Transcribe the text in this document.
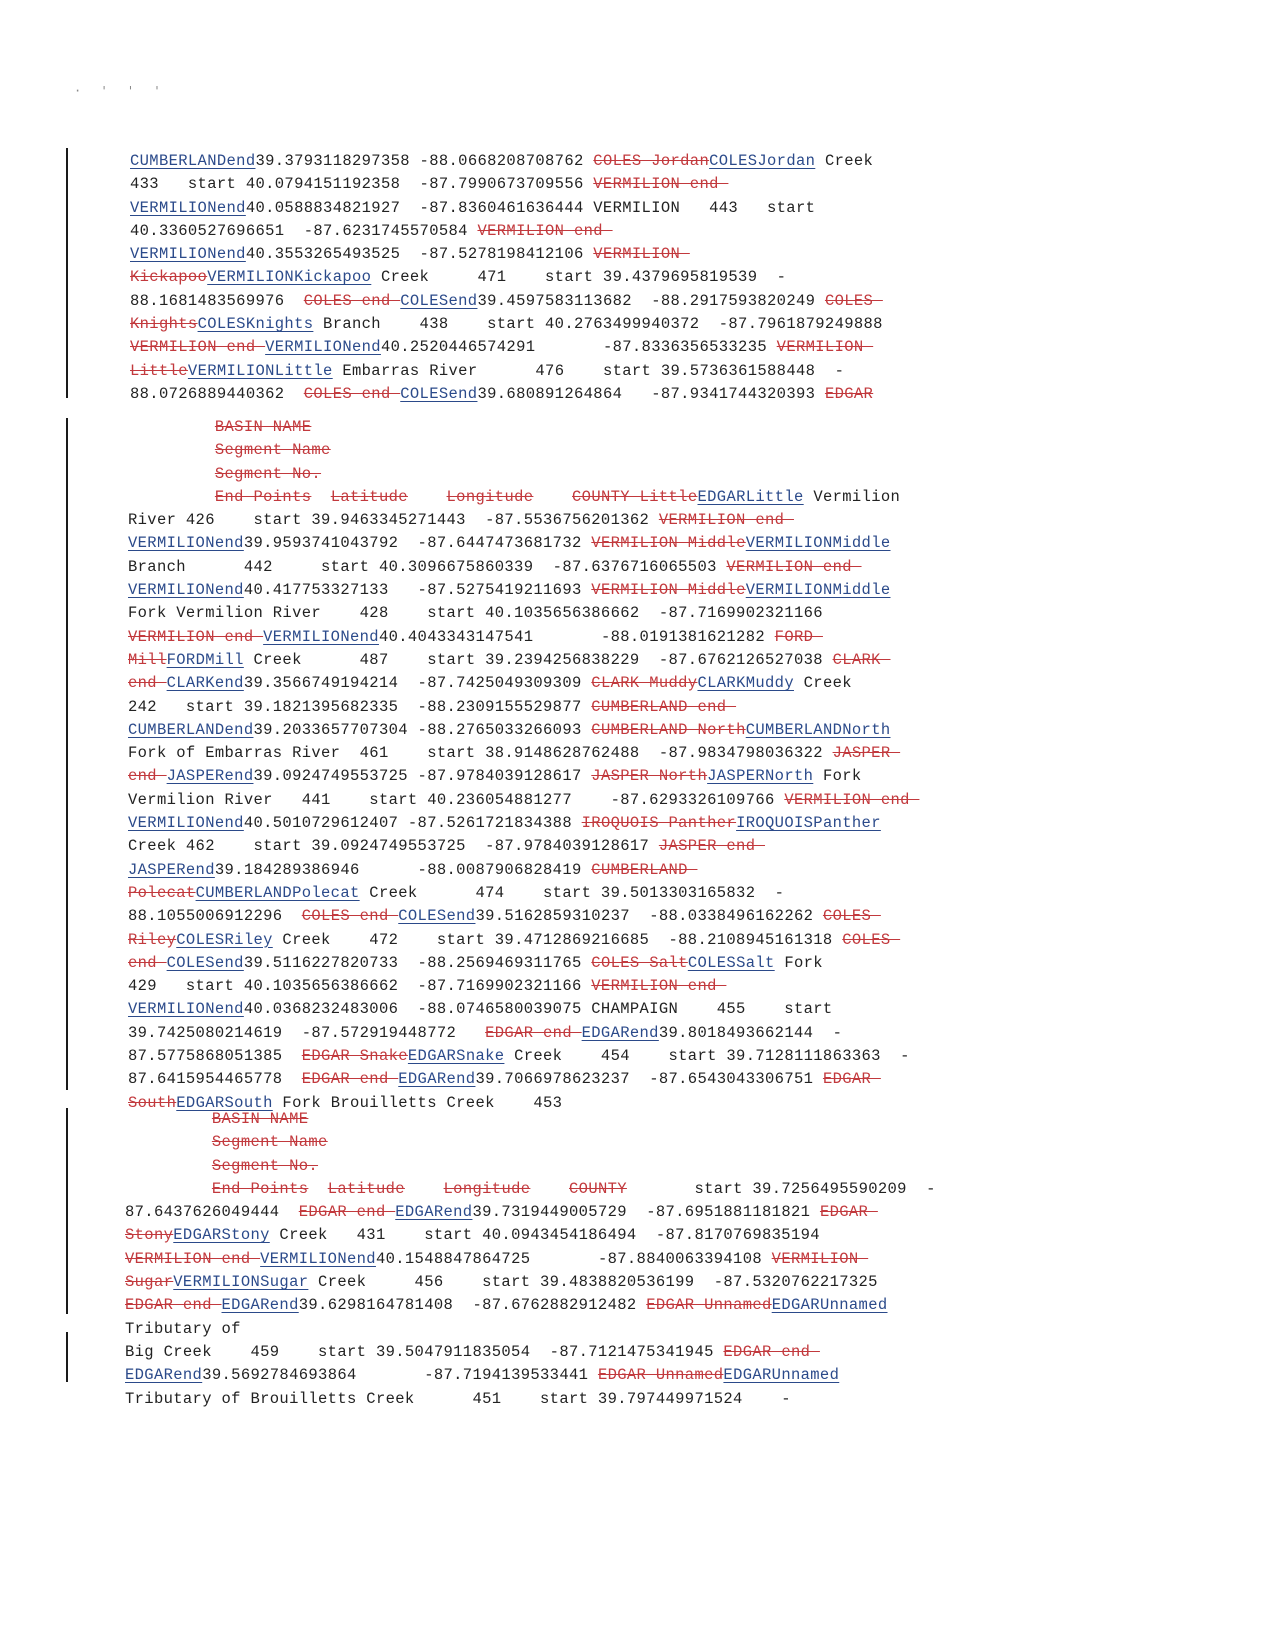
· ' ' '
CUMBERLANDend39.3793118297358 -88.0668208708762 COLES JordanCOLESJordan Creek
433   start 40.0794151192358  -87.7990673709556 VERMILION end
VERMILIONend40.0588834821927  -87.8360461636444 VERMILION   443   start
40.3360527696651  -87.6231745570584 VERMILION end
VERMILIONend40.3553265493525  -87.5278198412106 VERMILION
KickapooVERMILIONKickapoo Creek     471    start 39.4379695819539  -
88.1681483569976  COLES end COLESend39.4597583113682  -88.2917593820249 COLES
KnightsCOLESKnights Branch    438    start 40.2763499940372  -87.7961879249888
VERMILION end VERMILIONend40.2520446574291       -87.8336356533235 VERMILION
LittleVERMILIONLittle Embarras River      476    start 39.5736361588448  -
88.0726889440362  COLES end COLESend39.680891264864   -87.9341744320393 EDGAR
BASIN NAME
Segment Name
Segment No.
End Points Latitude Longitude COUNTY LittleEDGARLittle Vermilion
River 426    start 39.9463345271443  -87.5536756201362 VERMILION end
VERMILIONend39.9593741043792  -87.6447473681732 VERMILION MiddleVERMILIONMiddle
Branch      442     start 40.3096675860339  -87.6376716065503 VERMILION end
VERMILIONend40.417753327133   -87.5275419211693 VERMILION MiddleVERMILIONMiddle
Fork Vermilion River    428    start 40.1035656386662  -87.7169902321166
VERMILION end VERMILIONend40.4043343147541       -88.0191381621282 FORD
MillFORDMill Creek      487    start 39.2394256838229  -87.6762126527038 CLARK
end CLARKend39.3566749194214  -87.7425049309309 CLARK MuddyCLARKMuddy Creek
242   start 39.1821395682335  -88.2309155529877 CUMBERLAND end
CUMBERLANDend39.2033657707304 -88.2765033266093 CUMBERLAND NorthCUMBERLANDNorth
Fork of Embarras River  461    start 38.9148628762488  -87.9834798036322 JASPER
end JASPERend39.0924749553725 -87.9784039128617 JASPER NorthJASPERNorth Fork
Vermilion River   441    start 40.236054881277    -87.6293326109766 VERMILION end
VERMILIONend40.5010729612407 -87.5261721834388 IROQUOIS PantherIROQUOISPanther
Creek 462    start 39.0924749553725  -87.9784039128617 JASPER end
JASPERend39.184289386946      -88.0087906828419 CUMBERLAND
PolecatCUMBERLANDPolecat Creek      474    start 39.5013303165832  -
88.1055006912296  COLES end COLESend39.5162859310237  -88.0338496162262 COLES
RileyCOLESRiley Creek    472    start 39.4712869216685  -88.2108945161318 COLES
end COLESend39.5116227820733  -88.2569469311765 COLES SaltCOLESSalt Fork
429   start 40.1035656386662  -87.7169902321166 VERMILION end
VERMILIONend40.0368232483006  -88.0746580039075 CHAMPAIGN    455    start
39.7425080214619  -87.572919448772   EDGAR end EDGARend39.8018493662144  -
87.5775868051385  EDGAR SnakeEDGARSnake Creek    454    start 39.7128111863363  -
87.6415954465778  EDGAR end EDGARend39.7066978623237  -87.6543043306751 EDGAR
SouthEDGARSouth Fork Brouilletts Creek    453
BASIN NAME
Segment Name
Segment No.
End Points Latitude Longitude COUNTY       start 39.7256495590209  -
87.6437626049444  EDGAR end EDGARend39.7319449005729  -87.6951881181821 EDGAR
StonyEDGARStony Creek   431    start 40.0943454186494  -87.8170769835194
VERMILION end VERMILIONend40.1548847864725       -87.8840063394108 VERMILION
SugarVERMILIONSugar Creek     456    start 39.4838820536199  -87.5320762217325
EDGAR end EDGARend39.6298164781408  -87.6762882912482 EDGAR UnnamedEDGARUnnamed
Tributary of
Big Creek    459    start 39.5047911835054  -87.7121475341945 EDGAR end
EDGARend39.5692784693864       -87.7194139533441 EDGAR UnnamedEDGARUnnamed
Tributary of Brouilletts Creek      451    start 39.797449971524    -
